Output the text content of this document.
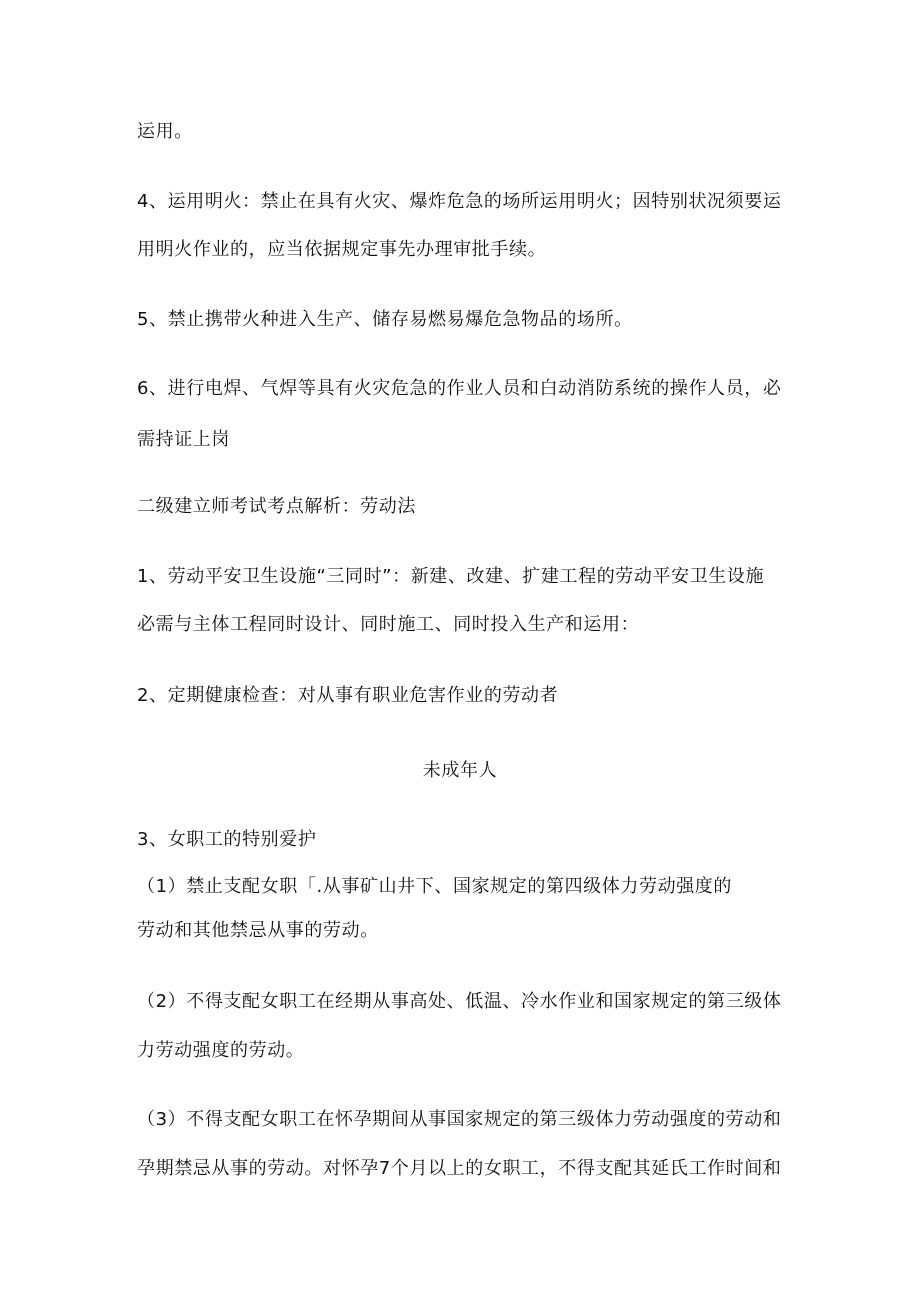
运用。
4、运用明火：禁止在具有火灾、爆炸危急的场所运用明火；因特别状况须要运
用明火作业的，应当依据规定事先办理审批手续。
5、禁止携带火种进入生产、储存易燃易爆危急物品的场所。
6、进行电焊、气焊等具有火灾危急的作业人员和白动消防系统的操作人员，必
需持证上岗
二级建立师考试考点解析：劳动法
1、劳动平安卫生设施“三同时”：新建、改建、扩建工程的劳动平安卫生设施
必需与主体工程同时设计、同时施工、同时投入生产和运用：
2、定期健康检查：对从事有职业危害作业的劳动者
未成年人
3、女职工的特别爱护
（1）禁止支配女职「.从事矿山井下、国家规定的第四级体力劳动强度的
劳动和其他禁忌从事的劳动。
（2）不得支配女职工在经期从事高处、低温、冷水作业和国家规定的第三级体
力劳动强度的劳动。
（3）不得支配女职工在怀孕期间从事国家规定的第三级体力劳动强度的劳动和
孕期禁忌从事的劳动。对怀孕7个月以上的女职工，不得支配其延氏工作时间和
